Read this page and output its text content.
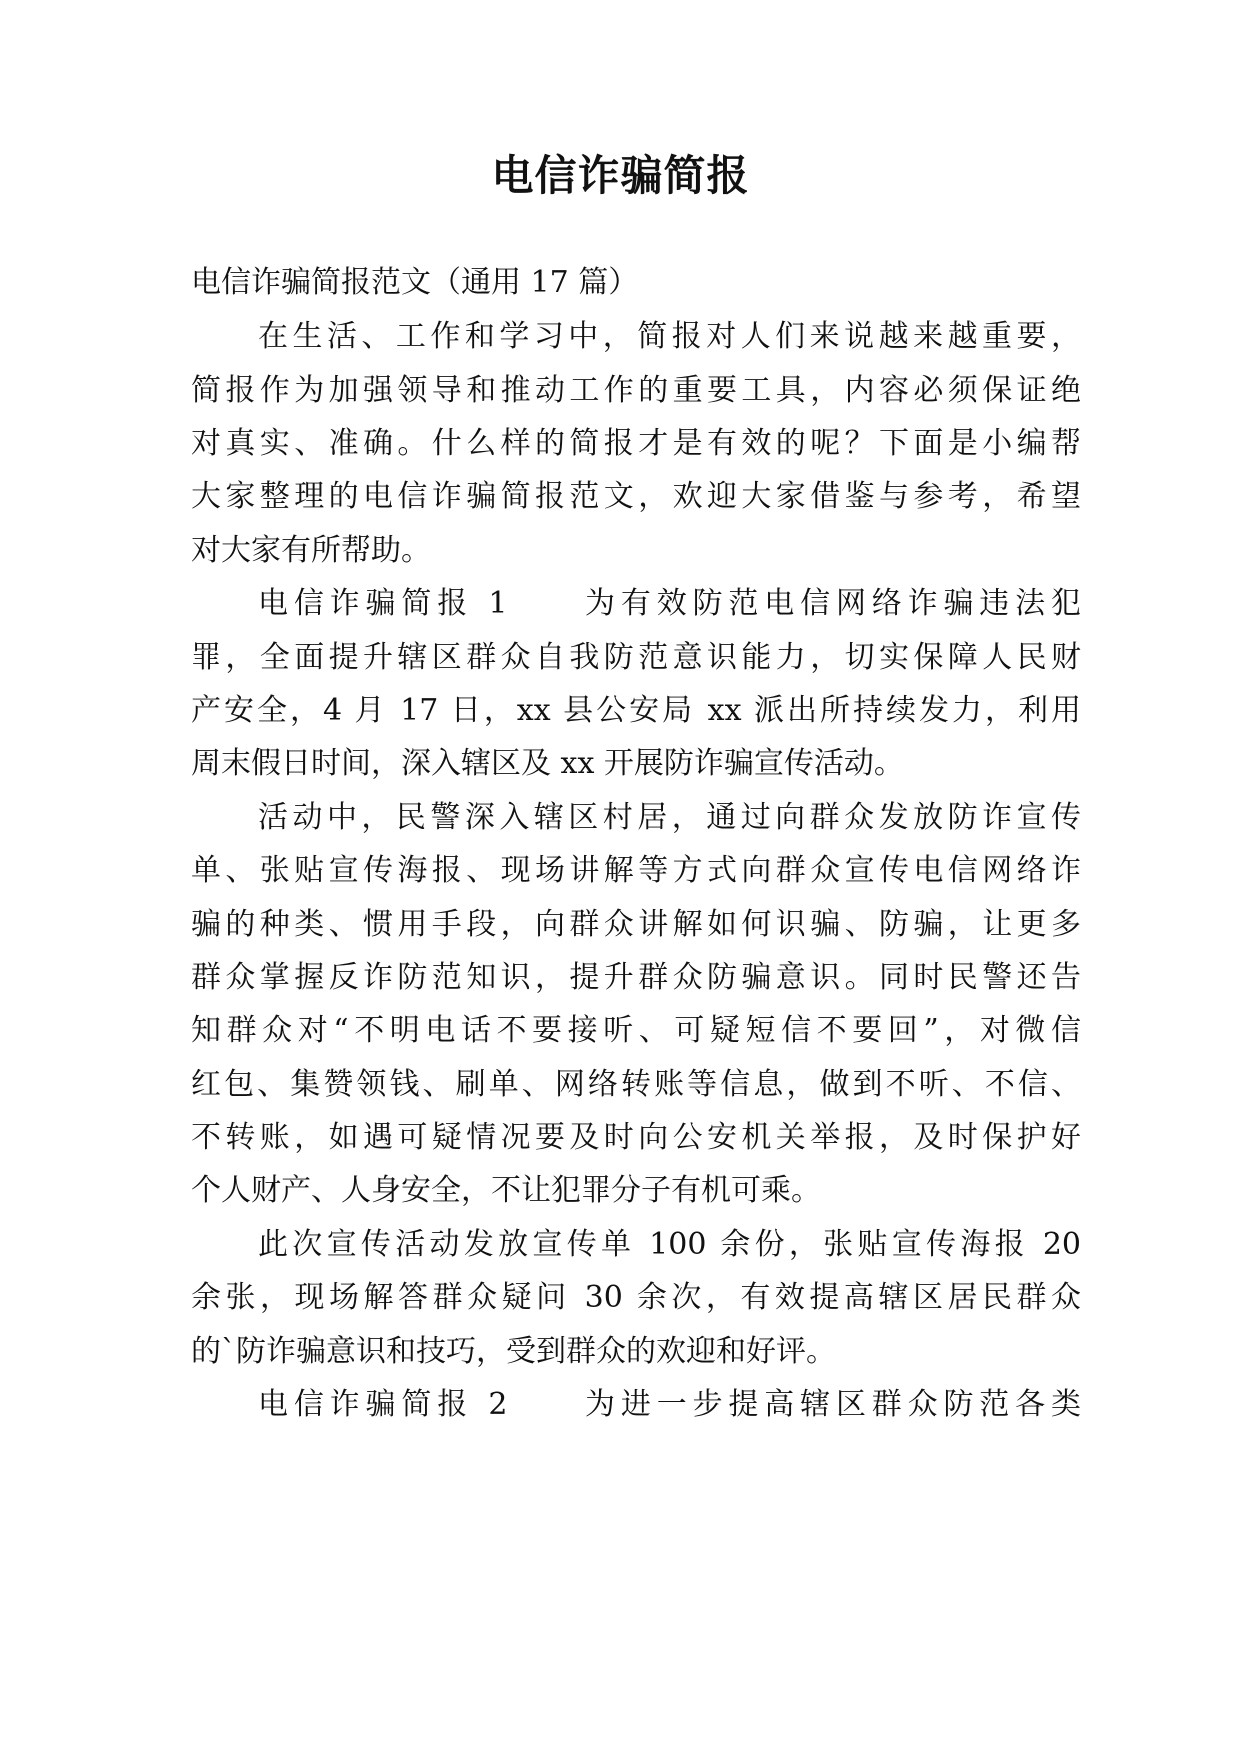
电信诈骗简报
电信诈骗简报范文（通用 17 篇）
在生活、工作和学习中，简报对人们来说越来越重要，
简报作为加强领导和推动工作的重要工具，内容必须保证绝
对真实、准确。什么样的简报才是有效的呢？下面是小编帮
大家整理的电信诈骗简报范文，欢迎大家借鉴与参考，希望
对大家有所帮助。
电信诈骗简报 1　　为有效防范电信网络诈骗违法犯
罪，全面提升辖区群众自我防范意识能力，切实保障人民财
产安全，4 月 17 日，xx 县公安局 xx 派出所持续发力，利用
周末假日时间，深入辖区及 xx 开展防诈骗宣传活动。
活动中，民警深入辖区村居，通过向群众发放防诈宣传
单、张贴宣传海报、现场讲解等方式向群众宣传电信网络诈
骗的种类、惯用手段，向群众讲解如何识骗、防骗，让更多
群众掌握反诈防范知识，提升群众防骗意识。同时民警还告
知群众对“不明电话不要接听、可疑短信不要回”，对微信
红包、集赞领钱、刷单、网络转账等信息，做到不听、不信、
不转账，如遇可疑情况要及时向公安机关举报，及时保护好
个人财产、人身安全，不让犯罪分子有机可乘。
此次宣传活动发放宣传单 100 余份，张贴宣传海报 20
余张，现场解答群众疑问 30 余次，有效提高辖区居民群众
的`防诈骗意识和技巧，受到群众的欢迎和好评。
电信诈骗简报 2　　为进一步提高辖区群众防范各类
